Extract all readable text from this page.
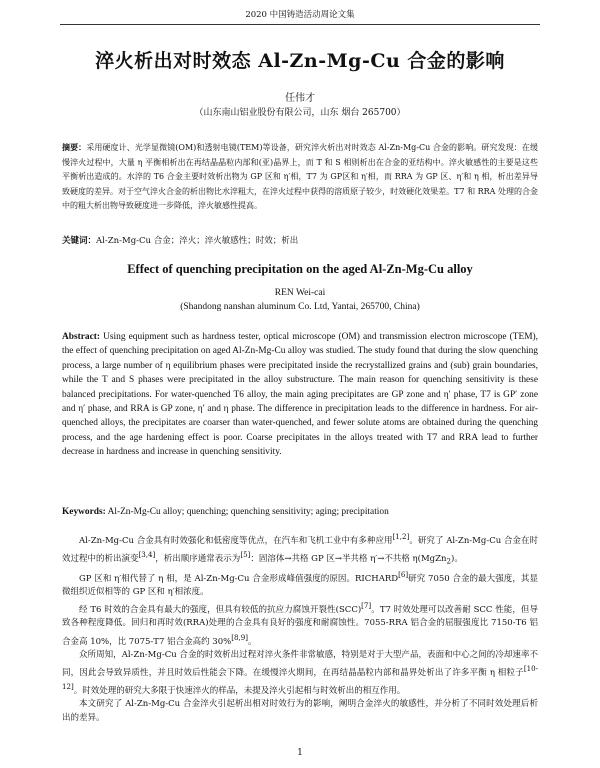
2020 中国铸造活动周论文集
淬火析出对时效态 Al-Zn-Mg-Cu 合金的影响
任伟才
（山东南山铝业股份有限公司，山东 烟台 265700）
摘要：采用硬度计、光学显微镜(OM)和透射电镜(TEM)等设备，研究淬火析出对时效态 Al-Zn-Mg-Cu 合金的影响。研究发现：在缓慢淬火过程中，大量 η 平衡相析出在再结晶晶粒内部和(亚)晶界上，而 T 和 S 相则析出在合金的亚结构中。淬火敏感性的主要是这些平衡析出造成的。水淬的 T6 合金主要时效析出物为 GP 区和 η′相，T7 为 GP区和 η′相，而 RRA 为 GP 区、η′和 η 相，析出差异导致硬度的差异。对于空气淬火合金的析出物比水淬粗大，在淬火过程中获得的溶质原子较少，时效硬化效果差。T7 和 RRA 处理的合金中的粗大析出物导致硬度进一步降低，淬火敏感性提高。
关键词：Al-Zn-Mg-Cu 合金；淬火；淬火敏感性；时效；析出
Effect of quenching precipitation on the aged Al-Zn-Mg-Cu alloy
REN Wei-cai
(Shandong nanshan aluminum Co. Ltd, Yantai, 265700, China)
Abstract: Using equipment such as hardness tester, optical microscope (OM) and transmission electron microscope (TEM), the effect of quenching precipitation on aged Al-Zn-Mg-Cu alloy was studied. The study found that during the slow quenching process, a large number of η equilibrium phases were precipitated inside the recrystallized grains and (sub) grain boundaries, while the T and S phases were precipitated in the alloy substructure. The main reason for quenching sensitivity is these balanced precipitations. For water-quenched T6 alloy, the main aging precipitates are GP zone and η′ phase, T7 is GP′ zone and η′ phase, and RRA is GP zone, η′ and η phase. The difference in precipitation leads to the difference in hardness. For air-quenched alloys, the precipitates are coarser than water-quenched, and fewer solute atoms are obtained during the quenching process, and the age hardening effect is poor. Coarse precipitates in the alloys treated with T7 and RRA lead to further decrease in hardness and increase in quenching sensitivity.
Keywords: Al-Zn-Mg-Cu alloy; quenching; quenching sensitivity; aging; precipitation

Al-Zn-Mg-Cu 合金具有时效强化和低密度等优点，在汽车和飞机工业中有多种应用[1,2]。研究了 Al-Zn-Mg-Cu 合金在时效过程中的析出演变[3,4]，析出顺序通常表示为[5]：固溶体→共格 GP 区→半共格 η′→不共格 η(MgZn$_2$)。

GP 区和 η′相代替了 η 相，是 Al-Zn-Mg-Cu 合金形成峰值强度的原因。RICHARD[6]研究 7050 合金的最大强度，其显微组织近似相等的 GP 区和 η′相浓度。

经 T6 时效的合金具有最大的强度，但具有较低的抗应力腐蚀开裂性(SCC)[7]。T7 时效处理可以改善耐 SCC 性能，但导致各种程度降低。回归和再时效(RRA)处理的合金具有良好的强度和耐腐蚀性。7055-RRA 铝合金的屈服强度比 7150-T6 铝合金高 10%，比 7075-T7 铝合金高约 30%[8,9]。

众所周知，Al-Zn-Mg-Cu 合金的时效析出过程对淬火条件非常敏感，特别是对于大型产品，表面和中心之间的冷却速率不同，因此会导致异质性，并且时效后性能会下降。在缓慢淬火期间，在再结晶晶粒内部和晶界处析出了许多平衡 η 相粒子[10-12]。时效处理的研究大多限于快速淬火的样品，未提及淬火引起相与时效析出的相互作用。

本文研究了 Al-Zn-Mg-Cu 合金淬火引起析出相对时效行为的影响，阐明合金淬火的敏感性，并分析了不同时效处理后析出的差异。

1
